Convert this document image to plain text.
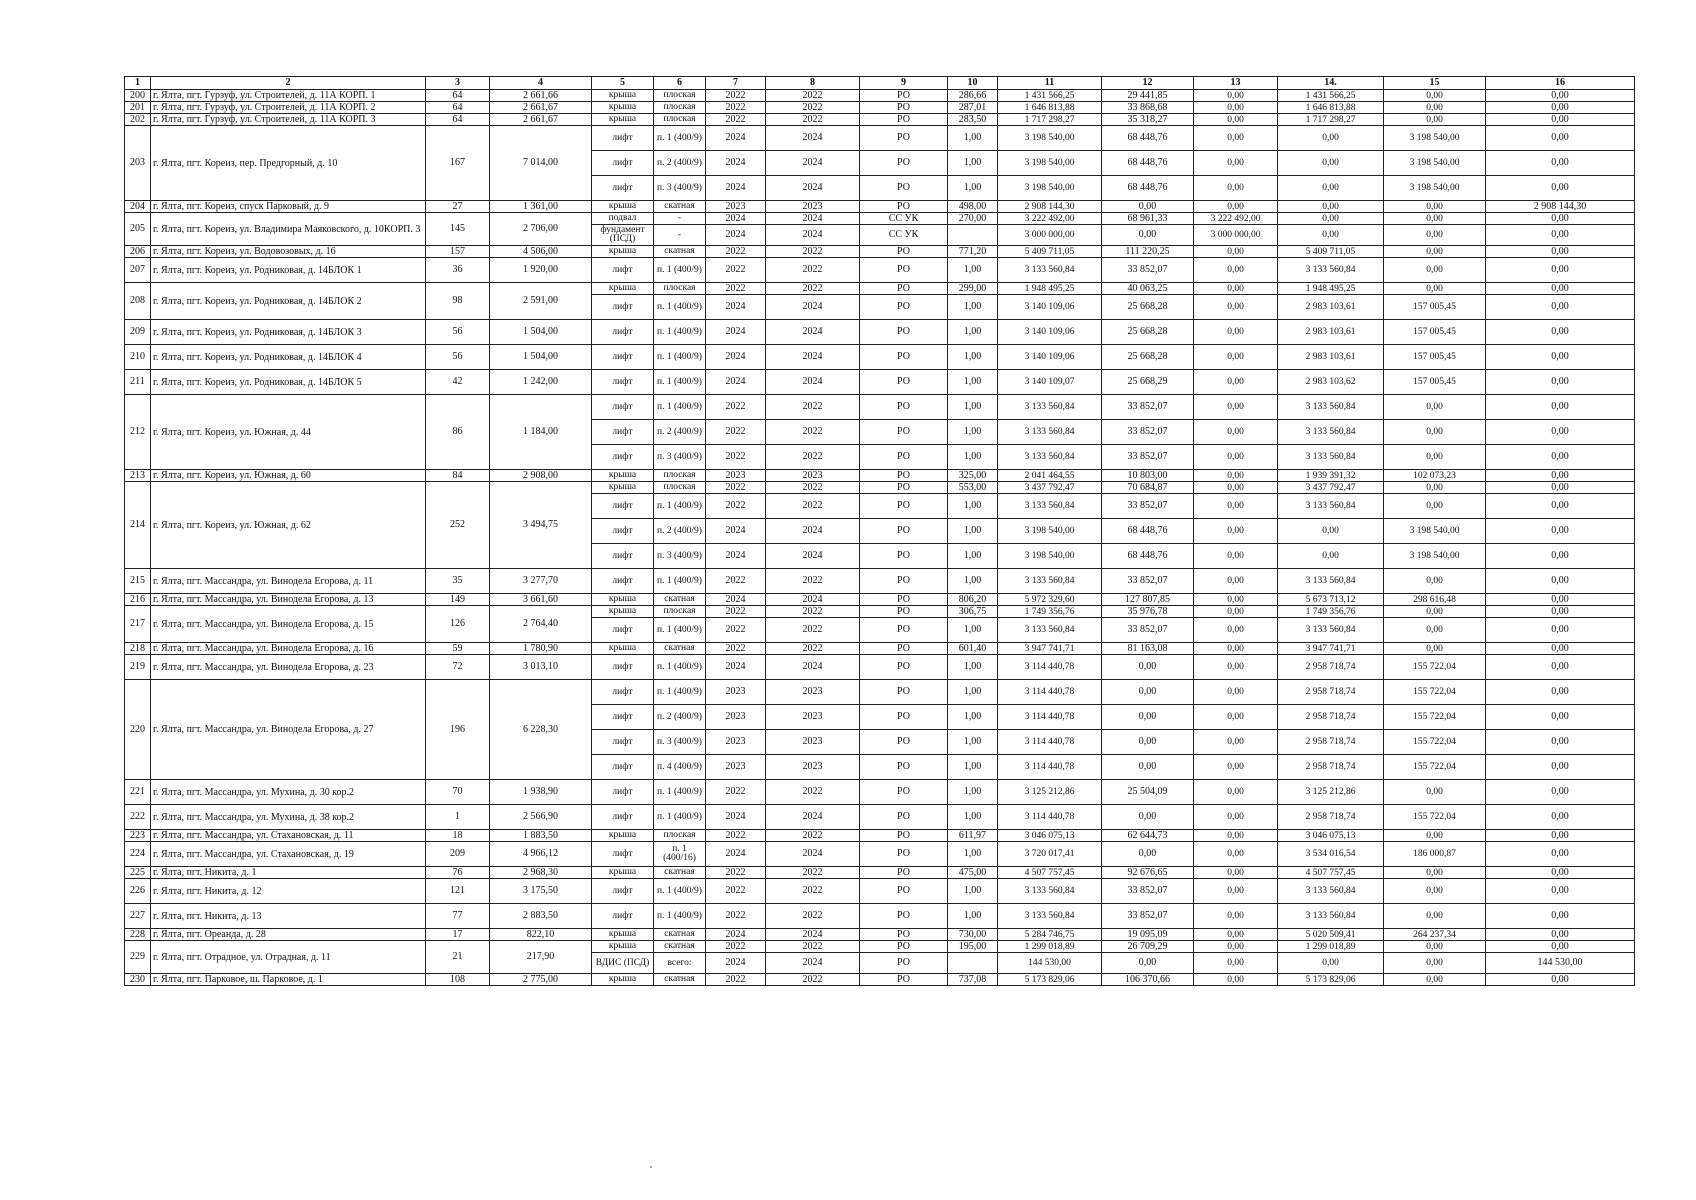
1	2	3	4	5	6	7	8	9	10	11	12	13	14.	15	16
200	г. Ялта, пгт. Гурзуф, ул. Строителей, д. 11А КОРП. 1	64	2 661,66	крыша	плоская	2022	2022	РО	286,66	1 431 566,25	29 441,85	0,00	1 431 566,25	0,00	0,00
201	г. Ялта, пгт. Гурзуф, ул. Строителей, д. 11А КОРП. 2	64	2 661,67	крыша	плоская	2022	2022	РО	287,01	1 646 813,88	33 868,68	0,00	1 646 813,88	0,00	0,00
202	г. Ялта, пгт. Гурзуф, ул. Строителей, д. 11А КОРП. 3	64	2 661,67	крыша	плоская	2022	2022	РО	283,50	1 717 298,27	35 318,27	0,00	1 717 298,27	0,00	0,00
203	г. Ялта, пгт. Кореиз, пер. Предгорный, д. 10	167	7 014,00	лифт	п. 1 (400/9)	2024	2024	РО	1,00	3 198 540,00	68 448,76	0,00	0,00	3 198 540,00	0,00
				лифт	п. 2 (400/9)	2024	2024	РО	1,00	3 198 540,00	68 448,76	0,00	0,00	3 198 540,00	0,00
				лифт	п. 3 (400/9)	2024	2024	РО	1,00	3 198 540,00	68 448,76	0,00	0,00	3 198 540,00	0,00
204	г. Ялта, пгт. Кореиз, спуск Парковый, д. 9	27	1 361,00	крыша	скатная	2023	2023	РО	498,00	2 908 144,30	0,00	0,00	0,00	0,00	2 908 144,30
205	г. Ялта, пгт. Кореиз, ул. Владимира Маяковского, д. 10КОРП. 3	145	2 706,00	подвал	-	2024	2024	СС УК	270,00	3 222 492,00	68 961,33	3 222 492,00	0,00	0,00	0,00
				фундамент (ПСД)	-	2024	2024	СС УК		3 000 000,00	0,00	3 000 000,00	0,00	0,00	0,00
206	г. Ялта, пгт. Кореиз, ул. Водовозовых, д. 16	157	4 506,00	крыша	скатная	2022	2022	РО	771,20	5 409 711,05	111 220,25	0,00	5 409 711,05	0,00	0,00
207	г. Ялта, пгт. Кореиз, ул. Родниковая, д. 14БЛОК 1	36	1 920,00	лифт	п. 1 (400/9)	2022	2022	РО	1,00	3 133 560,84	33 852,07	0,00	3 133 560,84	0,00	0,00
208	г. Ялта, пгт. Кореиз, ул. Родниковая, д. 14БЛОК 2	98	2 591,00	крыша	плоская	2022	2022	РО	299,00	1 948 495,25	40 063,25	0,00	1 948 495,25	0,00	0,00
				лифт	п. 1 (400/9)	2024	2024	РО	1,00	3 140 109,06	25 668,28	0,00	2 983 103,61	157 005,45	0,00
209	г. Ялта, пгт. Кореиз, ул. Родниковая, д. 14БЛОК 3	56	1 504,00	лифт	п. 1 (400/9)	2024	2024	РО	1,00	3 140 109,06	25 668,28	0,00	2 983 103,61	157 005,45	0,00
210	г. Ялта, пгт. Кореиз, ул. Родниковая, д. 14БЛОК 4	56	1 504,00	лифт	п. 1 (400/9)	2024	2024	РО	1,00	3 140 109,06	25 668,28	0,00	2 983 103,61	157 005,45	0,00
211	г. Ялта, пгт. Кореиз, ул. Родниковая, д. 14БЛОК 5	42	1 242,00	лифт	п. 1 (400/9)	2024	2024	РО	1,00	3 140 109,07	25 668,29	0,00	2 983 103,62	157 005,45	0,00
212	г. Ялта, пгт. Кореиз, ул. Южная, д. 44	86	1 184,00	лифт	п. 1 (400/9)	2022	2022	РО	1,00	3 133 560,84	33 852,07	0,00	3 133 560,84	0,00	0,00
				лифт	п. 2 (400/9)	2022	2022	РО	1,00	3 133 560,84	33 852,07	0,00	3 133 560,84	0,00	0,00
				лифт	п. 3 (400/9)	2022	2022	РО	1,00	3 133 560,84	33 852,07	0,00	3 133 560,84	0,00	0,00
213	г. Ялта, пгт. Кореиз, ул. Южная, д. 60	84	2 908,00	крыша	плоская	2023	2023	РО	325,00	2 041 464,55	10 803,00	0,00	1 939 391,32	102 073,23	0,00
214	г. Ялта, пгт. Кореиз, ул. Южная, д. 62	252	3 494,75	крыша	плоская	2022	2022	РО	553,00	3 437 792,47	70 684,87	0,00	3 437 792,47	0,00	0,00
				лифт	п. 1 (400/9)	2022	2022	РО	1,00	3 133 560,84	33 852,07	0,00	3 133 560,84	0,00	0,00
				лифт	п. 2 (400/9)	2024	2024	РО	1,00	3 198 540,00	68 448,76	0,00	0,00	3 198 540,00	0,00
				лифт	п. 3 (400/9)	2024	2024	РО	1,00	3 198 540,00	68 448,76	0,00	0,00	3 198 540,00	0,00
215	г. Ялта, пгт. Массандра, ул. Винодела Егорова, д. 11	35	3 277,70	лифт	п. 1 (400/9)	2022	2022	РО	1,00	3 133 560,84	33 852,07	0,00	3 133 560,84	0,00	0,00
216	г. Ялта, пгт. Массандра, ул. Винодела Егорова, д. 13	149	3 661,60	крыша	скатная	2024	2024	РО	806,20	5 972 329,60	127 807,85	0,00	5 673 713,12	298 616,48	0,00
217	г. Ялта, пгт. Массандра, ул. Винодела Егорова, д. 15	126	2 764,40	крыша	плоская	2022	2022	РО	306,75	1 749 356,76	35 976,78	0,00	1 749 356,76	0,00	0,00
				лифт	п. 1 (400/9)	2022	2022	РО	1,00	3 133 560,84	33 852,07	0,00	3 133 560,84	0,00	0,00
218	г. Ялта, пгт. Массандра, ул. Винодела Егорова, д. 16	59	1 780,90	крыша	скатная	2022	2022	РО	601,40	3 947 741,71	81 163,08	0,00	3 947 741,71	0,00	0,00
219	г. Ялта, пгт. Массандра, ул. Винодела Егорова, д. 23	72	3 013,10	лифт	п. 1 (400/9)	2024	2024	РО	1,00	3 114 440,78	0,00	0,00	2 958 718,74	155 722,04	0,00
220	г. Ялта, пгт. Массандра, ул. Винодела Егорова, д. 27	196	6 228,30	лифт	п. 1 (400/9)	2023	2023	РО	1,00	3 114 440,78	0,00	0,00	2 958 718,74	155 722,04	0,00
				лифт	п. 2 (400/9)	2023	2023	РО	1,00	3 114 440,78	0,00	0,00	2 958 718,74	155 722,04	0,00
				лифт	п. 3 (400/9)	2023	2023	РО	1,00	3 114 440,78	0,00	0,00	2 958 718,74	155 722,04	0,00
				лифт	п. 4 (400/9)	2023	2023	РО	1,00	3 114 440,78	0,00	0,00	2 958 718,74	155 722,04	0,00
221	г. Ялта, пгт. Массандра, ул. Мухина, д. 30 кор.2	70	1 938,90	лифт	п. 1 (400/9)	2022	2022	РО	1,00	3 125 212,86	25 504,09	0,00	3 125 212,86	0,00	0,00
222	г. Ялта, пгт. Массандра, ул. Мухина, д. 38 кор.2	1	2 566,90	лифт	п. 1 (400/9)	2024	2024	РО	1,00	3 114 440,78	0,00	0,00	2 958 718,74	155 722,04	0,00
223	г. Ялта, пгт. Массандра, ул. Стахановская, д. 11	18	1 883,50	крыша	плоская	2022	2022	РО	611,97	3 046 075,13	62 644,73	0,00	3 046 075,13	0,00	0,00
224	г. Ялта, пгт. Массандра, ул. Стахановская, д. 19	209	4 966,12	лифт	п. 1 (400/16)	2024	2024	РО	1,00	3 720 017,41	0,00	0,00	3 534 016,54	186 000,87	0,00
225	г. Ялта, пгт. Никита, д. 1	76	2 968,30	крыша	скатная	2022	2022	РО	475,00	4 507 757,45	92 676,65	0,00	4 507 757,45	0,00	0,00
226	г. Ялта, пгт. Никита, д. 12	121	3 175,50	лифт	п. 1 (400/9)	2022	2022	РО	1,00	3 133 560,84	33 852,07	0,00	3 133 560,84	0,00	0,00
227	г. Ялта, пгт. Никита, д. 13	77	2 883,50	лифт	п. 1 (400/9)	2022	2022	РО	1,00	3 133 560,84	33 852,07	0,00	3 133 560,84	0,00	0,00
228	г. Ялта, пгт. Ореанда, д. 28	17	822,10	крыша	скатная	2024	2024	РО	730,00	5 284 746,75	19 095,09	0,00	5 020 509,41	264 237,34	0,00
229	г. Ялта, пгт. Отрадное, ул. Отрадная, д. 11	21	217,90	крыша	скатная	2022	2022	РО	195,00	1 299 018,89	26 709,29	0,00	1 299 018,89	0,00	0,00
				ВДИС (ПСД)	всего:	2024	2024	РО		144 530,00	0,00	0,00	0,00	0,00	144 530,00
230	г. Ялта, пгт. Парковое, ш. Парковое, д. 1	108	2 775,00	крыша	скатная	2022	2022	РО	737,08	5 173 829,06	106 370,66	0,00	5 173 829,06	0,00	0,00
